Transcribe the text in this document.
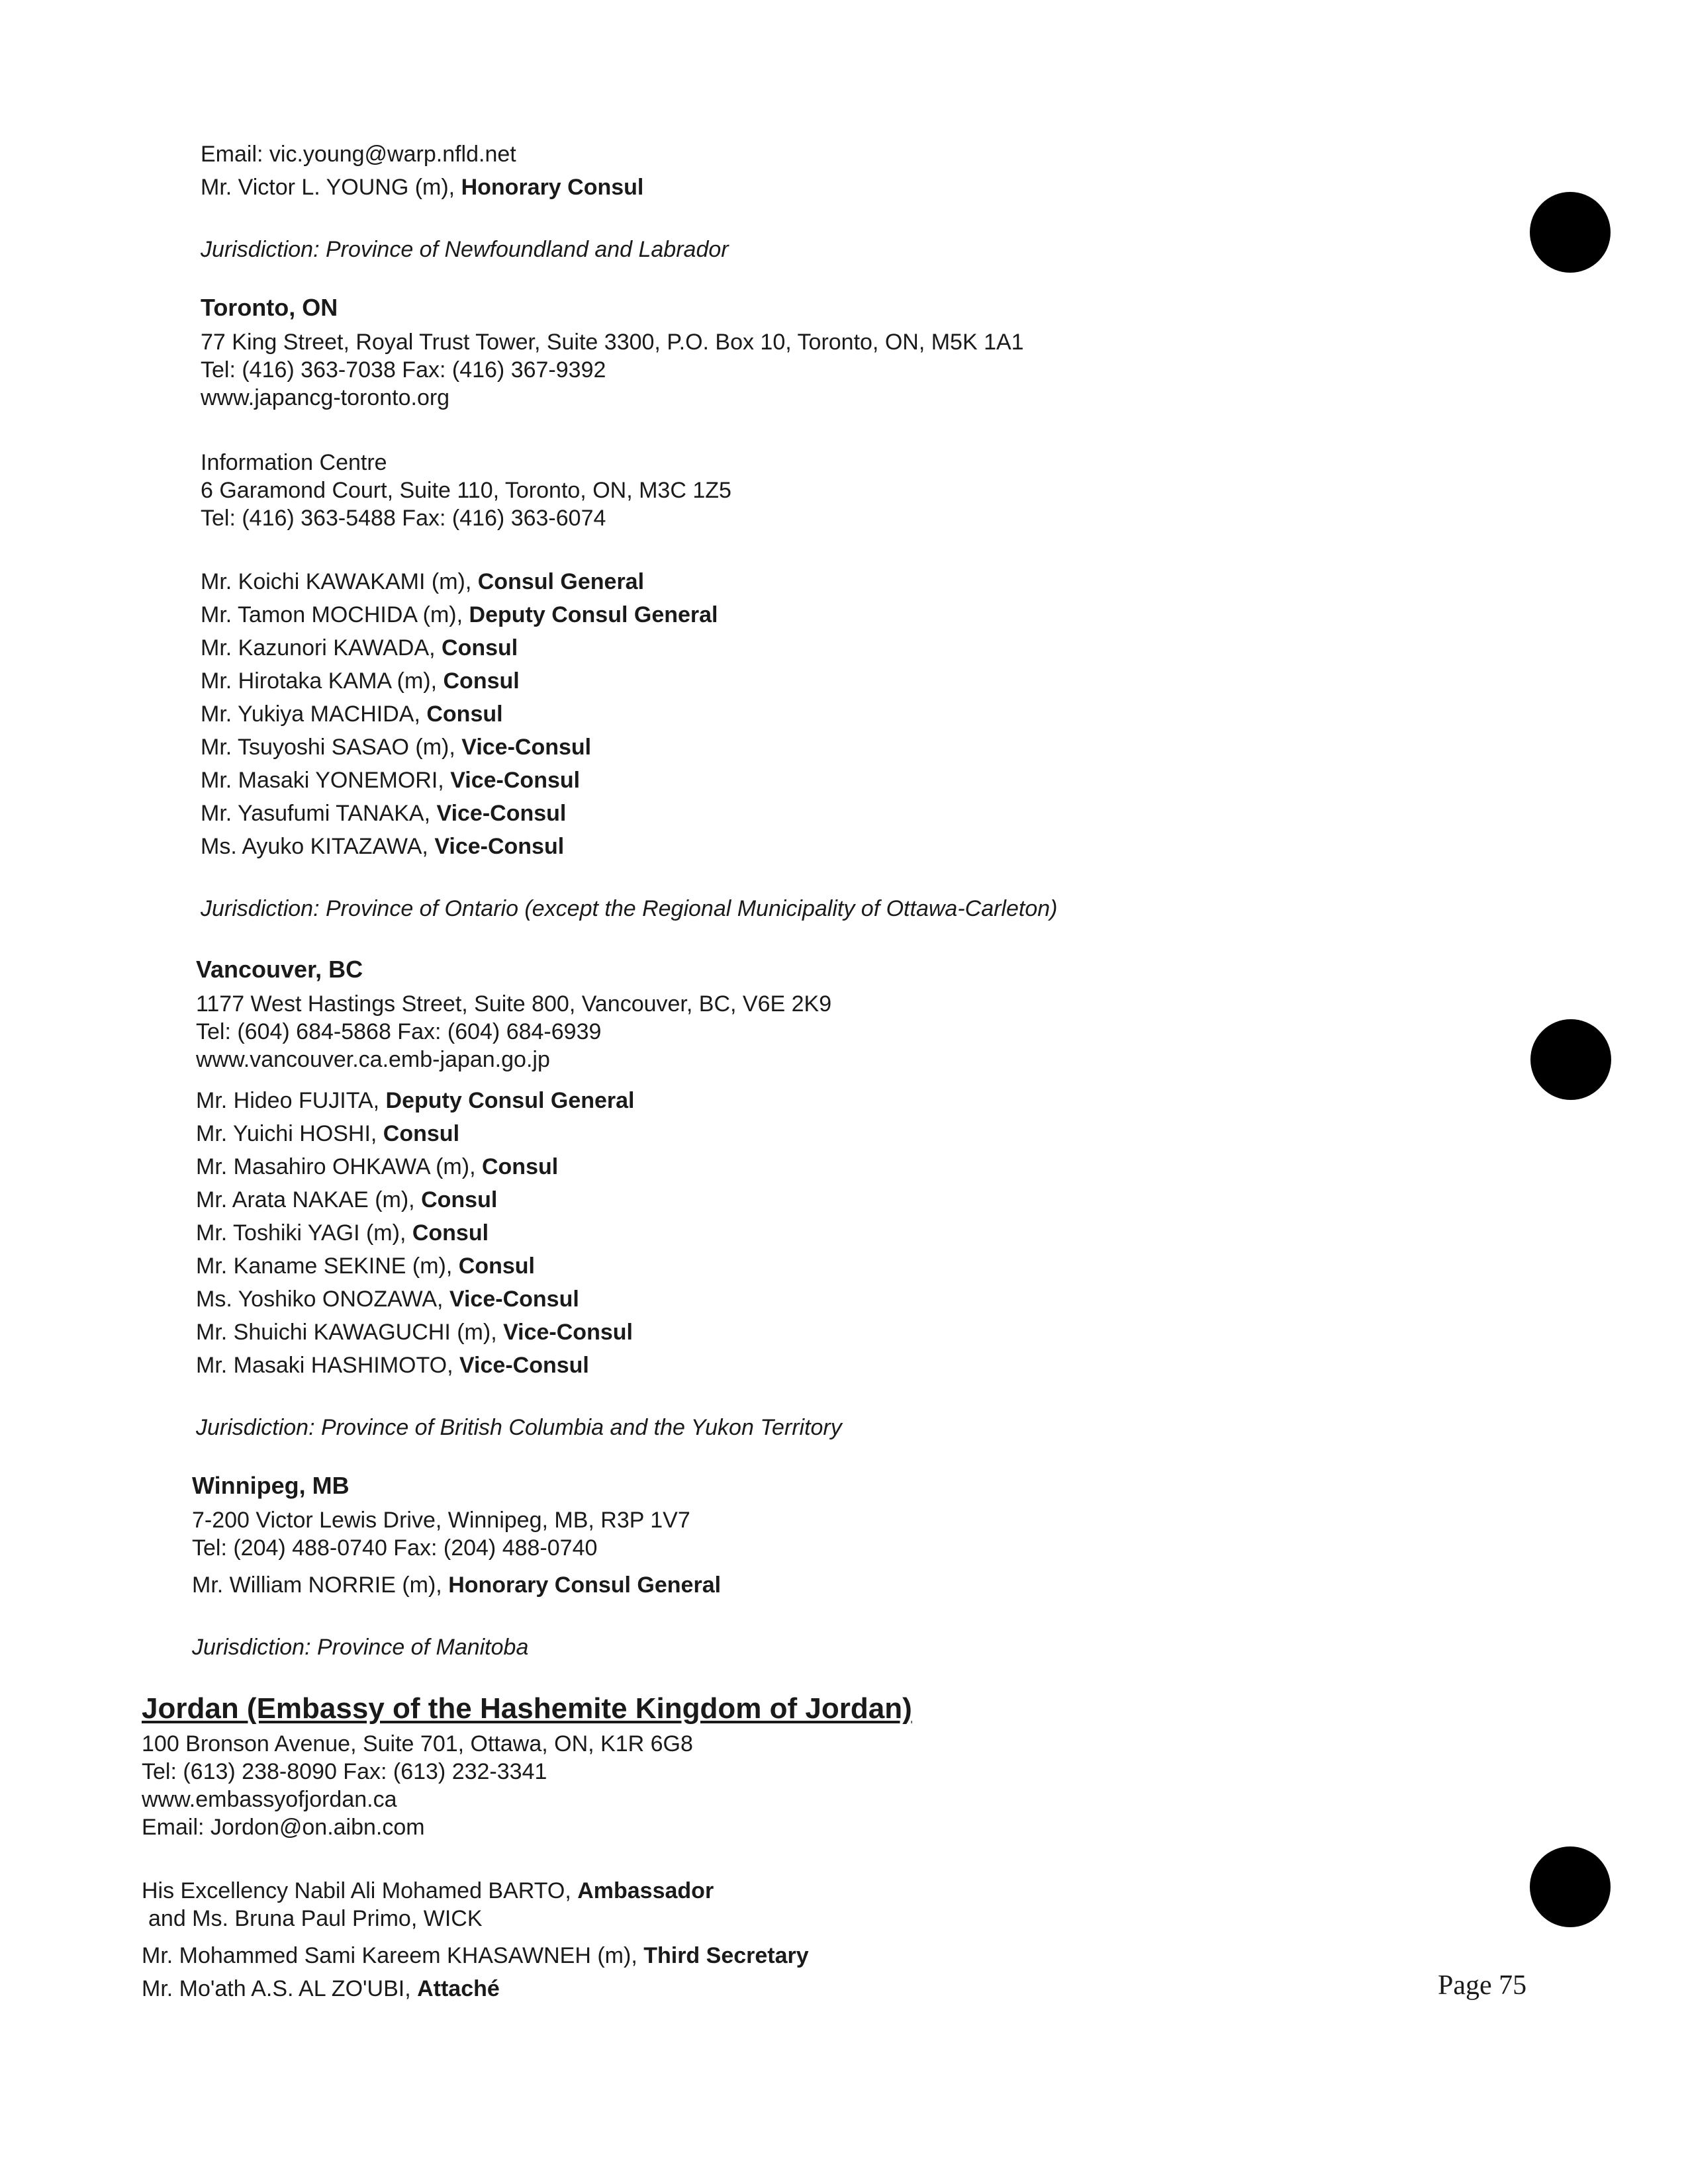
Email: vic.young@warp.nfld.net
Mr. Victor L. YOUNG (m), Honorary Consul
Jurisdiction: Province of Newfoundland and Labrador
Toronto, ON
77 King Street, Royal Trust Tower, Suite 3300, P.O. Box 10, Toronto, ON, M5K 1A1
Tel: (416) 363-7038 Fax: (416) 367-9392
www.japancg-toronto.org
Information Centre
6 Garamond Court, Suite 110, Toronto, ON, M3C 1Z5
Tel: (416) 363-5488 Fax: (416) 363-6074
Mr. Koichi KAWAKAMI (m), Consul General
Mr. Tamon MOCHIDA (m), Deputy Consul General
Mr. Kazunori KAWADA, Consul
Mr. Hirotaka KAMA (m), Consul
Mr. Yukiya MACHIDA, Consul
Mr. Tsuyoshi SASAO (m), Vice-Consul
Mr. Masaki YONEMORI, Vice-Consul
Mr. Yasufumi TANAKA, Vice-Consul
Ms. Ayuko KITAZAWA, Vice-Consul
Jurisdiction: Province of Ontario (except the Regional Municipality of Ottawa-Carleton)
Vancouver, BC
1177 West Hastings Street, Suite 800, Vancouver, BC, V6E 2K9
Tel: (604) 684-5868 Fax: (604) 684-6939
www.vancouver.ca.emb-japan.go.jp
Mr. Hideo FUJITA, Deputy Consul General
Mr. Yuichi HOSHI, Consul
Mr. Masahiro OHKAWA (m), Consul
Mr. Arata NAKAE (m), Consul
Mr. Toshiki YAGI (m), Consul
Mr. Kaname SEKINE (m), Consul
Ms. Yoshiko ONOZAWA, Vice-Consul
Mr. Shuichi KAWAGUCHI (m), Vice-Consul
Mr. Masaki HASHIMOTO, Vice-Consul
Jurisdiction: Province of British Columbia and the Yukon Territory
Winnipeg, MB
7-200 Victor Lewis Drive, Winnipeg, MB, R3P 1V7
Tel: (204) 488-0740 Fax: (204) 488-0740
Mr. William NORRIE (m), Honorary Consul General
Jurisdiction: Province of Manitoba
Jordan (Embassy of the Hashemite Kingdom of Jordan)
100 Bronson Avenue, Suite 701, Ottawa, ON, K1R 6G8
Tel: (613) 238-8090 Fax: (613) 232-3341
www.embassyofjordan.ca
Email: Jordon@on.aibn.com
His Excellency Nabil Ali Mohamed BARTO, Ambassador
and Ms. Bruna Paul Primo, WICK
Mr. Mohammed Sami Kareem KHASAWNEH (m), Third Secretary
Mr. Mo'ath A.S. AL ZO'UBI, Attaché	Page 75
